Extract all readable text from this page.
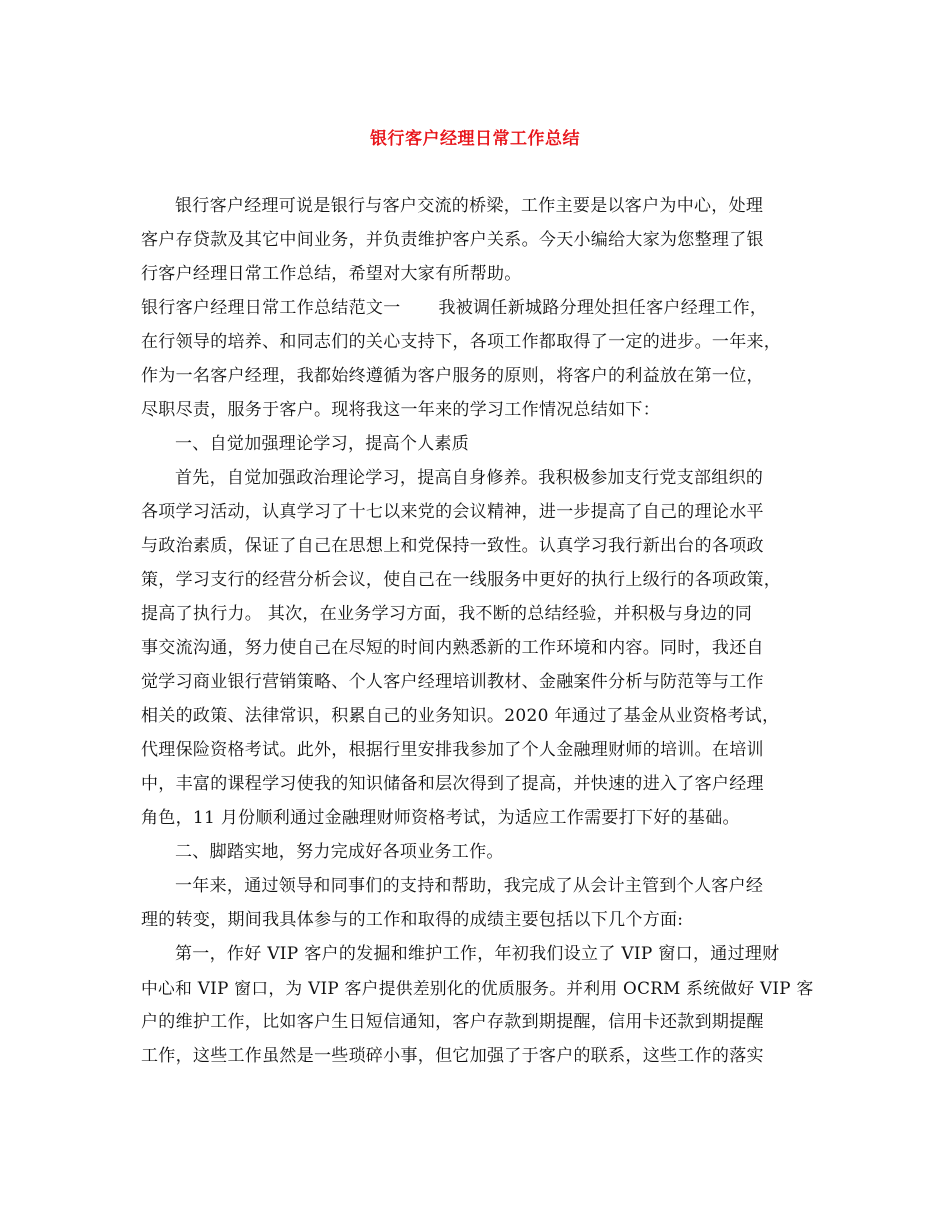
银行客户经理日常工作总结

银行客户经理可说是银行与客户交流的桥梁，工作主要是以客户为中心，处理

客户存贷款及其它中间业务，并负责维护客户关系。今天小编给大家为您整理了银

行客户经理日常工作总结，希望对大家有所帮助。

银行客户经理日常工作总结范文一 我被调任新城路分理处担任客户经理工作，

在行领导的培养、和同志们的关心支持下，各项工作都取得了一定的进步。一年来，

作为一名客户经理，我都始终遵循为客户服务的原则，将客户的利益放在第一位，

尽职尽责，服务于客户。现将我这一年来的学习工作情况总结如下：

一、自觉加强理论学习，提高个人素质

首先，自觉加强政治理论学习，提高自身修养。我积极参加支行党支部组织的

各项学习活动，认真学习了十七以来党的会议精神，进一步提高了自己的理论水平

与政治素质，保证了自己在思想上和党保持一致性。认真学习我行新出台的各项政

策，学习支行的经营分析会议，使自己在一线服务中更好的执行上级行的各项政策，

提高了执行力。 其次，在业务学习方面，我不断的总结经验，并积极与身边的同

事交流沟通，努力使自己在尽短的时间内熟悉新的工作环境和内容。同时，我还自

觉学习商业银行营销策略、个人客户经理培训教材、金融案件分析与防范等与工作

相关的政策、法律常识，积累自己的业务知识。2020 年通过了基金从业资格考试，

代理保险资格考试。此外，根据行里安排我参加了个人金融理财师的培训。在培训

中，丰富的课程学习使我的知识储备和层次得到了提高，并快速的进入了客户经理

角色，11 月份顺利通过金融理财师资格考试，为适应工作需要打下好的基础。

二、脚踏实地，努力完成好各项业务工作。

一年来，通过领导和同事们的支持和帮助，我完成了从会计主管到个人客户经

理的转变，期间我具体参与的工作和取得的成绩主要包括以下几个方面:

第一，作好 VIP 客户的发掘和维护工作，年初我们设立了 VIP 窗口，通过理财

中心和 VIP 窗口，为 VIP 客户提供差别化的优质服务。并利用 OCRM 系统做好 VIP 客

户的维护工作，比如客户生日短信通知，客户存款到期提醒，信用卡还款到期提醒

工作，这些工作虽然是一些琐碎小事，但它加强了于客户的联系，这些工作的落实
